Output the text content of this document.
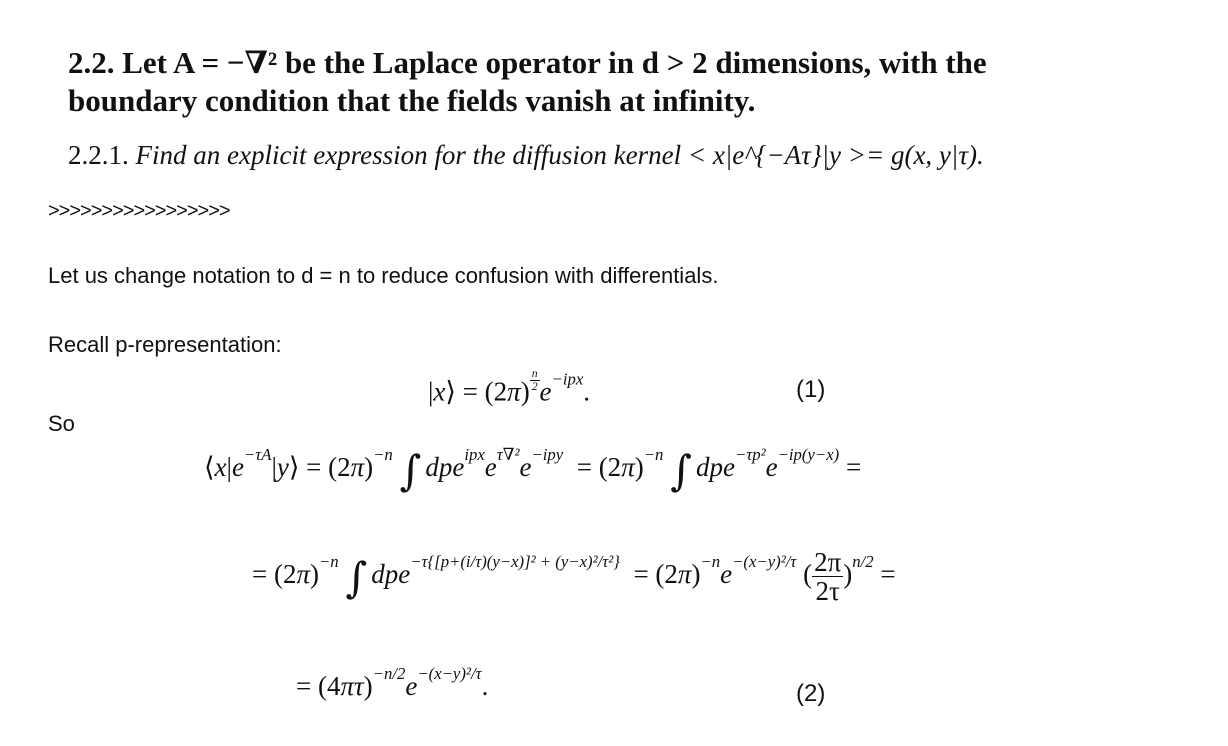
2.2. Let A = −∇² be the Laplace operator in d > 2 dimensions, with the
boundary condition that the fields vanish at infinity.
2.2.1. Find an explicit expression for the diffusion kernel < x|e^{−Aτ}|y >= g(x, y|τ).
>>>>>>>>>>>>>>>>>
Let us change notation to d = n to reduce confusion with differentials.
Recall p-representation:
So
|x⟩ = (2π) $^{\frac{n}{2}}$ $e^{-ipx}$.	(1)
$⟨x|e^{-\tau A}|y⟩ = (2\pi)^{-n}$ ∫ $dpe^{ipx}e^{\tau\nabla^2}e^{-ipy} = (2\pi)^{-n}$ ∫ $dpe^{-\tau p^2}e^{-ip(y-x)}$ =
= $(2\pi)^{-n}$ ∫ $dpe^{-\tau\{[p+(i/\tau)(y-x)]^2 + (y-x)^2/\tau^2\}} = (2\pi)^{-n}e^{-(x-y)^2/\tau}$ ( $\frac{2\pi}{2\tau} )^{n/2}$ =
= $(4\pi\tau)^{-n/2}e^{-(x-y)^2/\tau}$.	(2)
